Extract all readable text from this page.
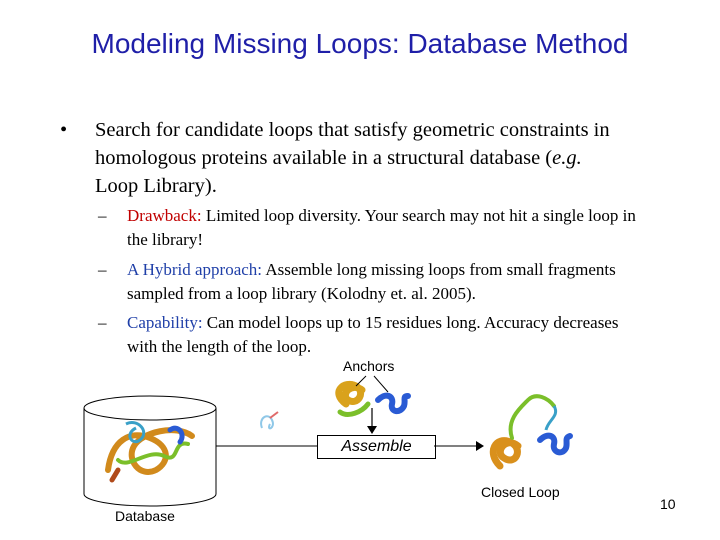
Modeling Missing Loops: Database Method
• Search for candidate loops that satisfy geometric constraints in homologous proteins available in a structural database (e.g. Loop Library).
– Drawback: Limited loop diversity. Your search may not hit a single loop in the library!
– A Hybrid approach: Assemble long missing loops from small fragments sampled from a loop library (Kolodny et. al. 2005).
– Capability: Can model loops up to 15 residues long. Accuracy decreases with the length of the loop.
Anchors
Assemble
Closed Loop
Database
10
